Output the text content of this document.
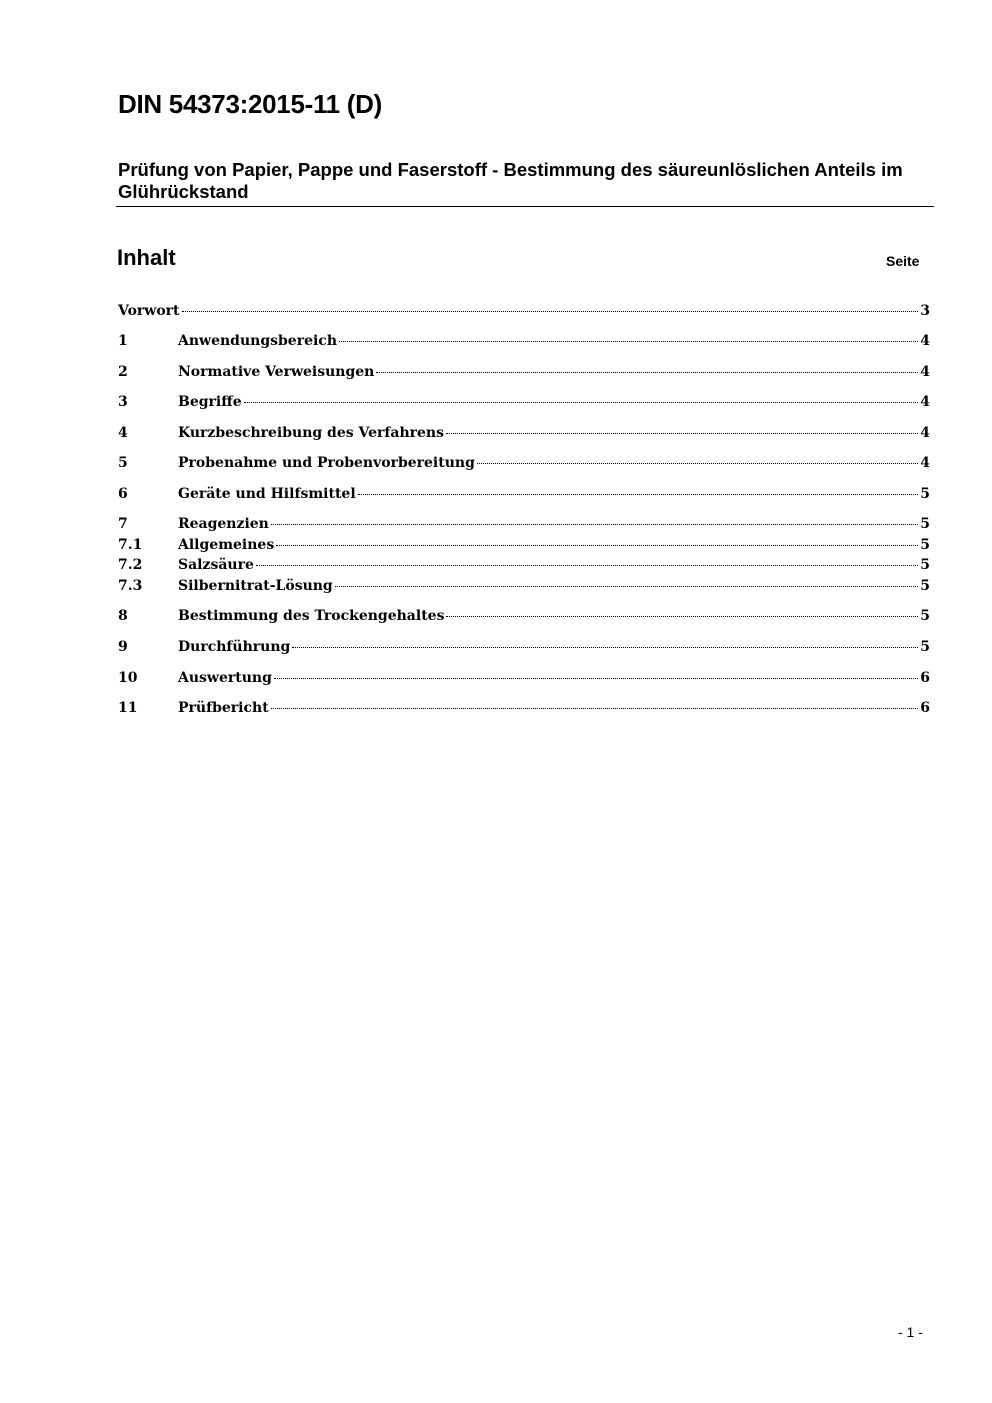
DIN 54373:2015-11 (D)
Prüfung von Papier, Pappe und Faserstoff - Bestimmung des säureunlöslichen Anteils im Glührückstand
Inhalt	Seite
Vorwort	3
1	Anwendungsbereich	4
2	Normative Verweisungen	4
3	Begriffe	4
4	Kurzbeschreibung des Verfahrens	4
5	Probenahme und Probenvorbereitung	4
6	Geräte und Hilfsmittel	5
7	Reagenzien	5
7.1	Allgemeines	5
7.2	Salzsäure	5
7.3	Silbernitrat-Lösung	5
8	Bestimmung des Trockengehaltes	5
9	Durchführung	5
10	Auswertung	6
11	Prüfbericht	6
- 1 -
